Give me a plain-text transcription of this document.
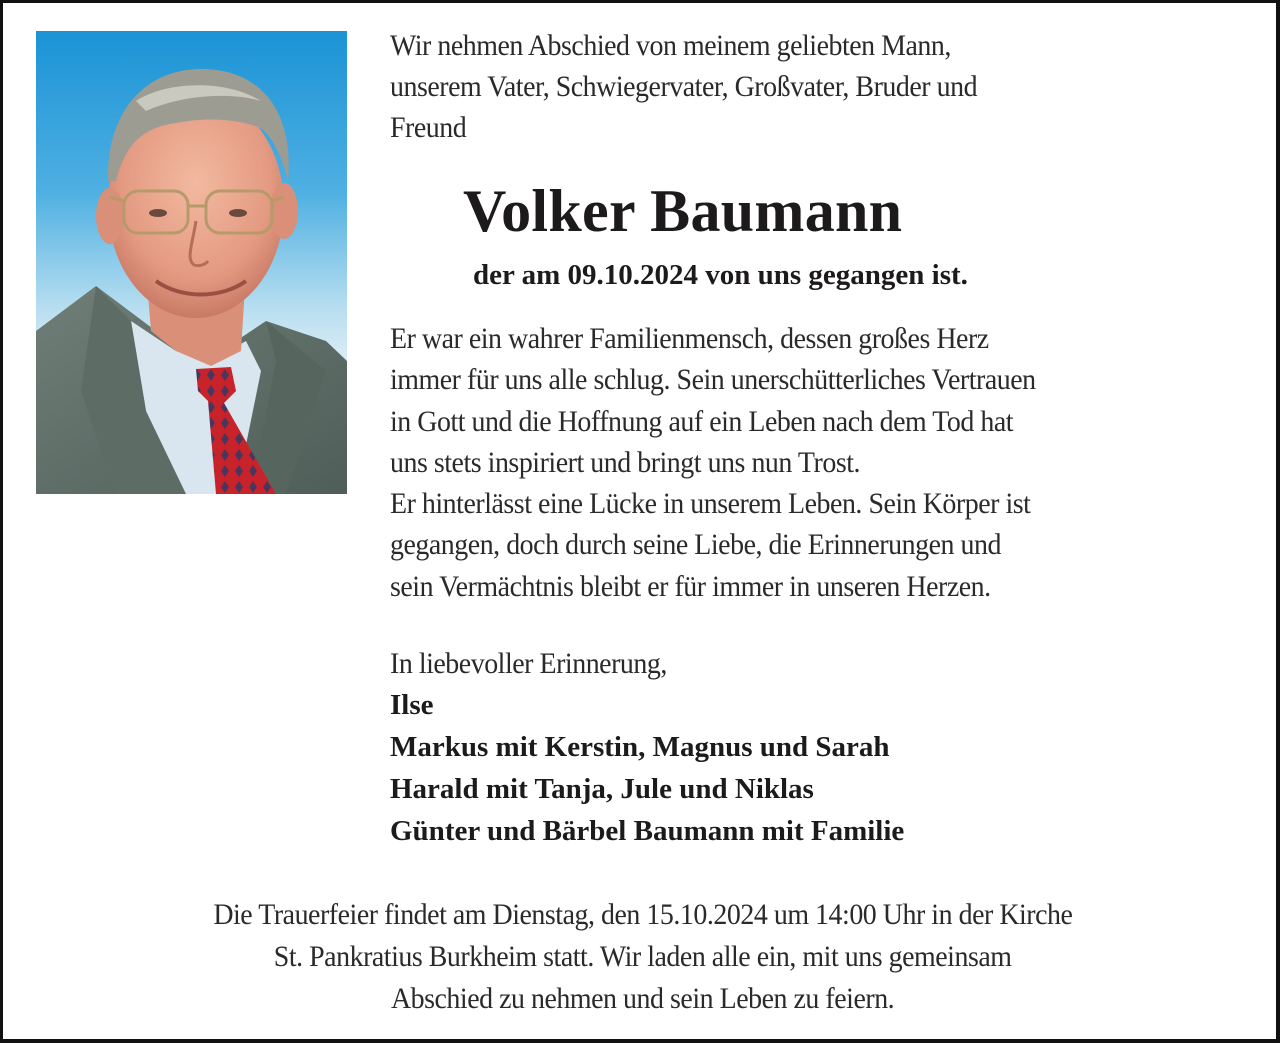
Wir nehmen Abschied von meinem geliebten Mann,
unserem Vater, Schwiegervater, Großvater, Bruder und
Freund
Volker Baumann
der am 09.10.2024 von uns gegangen ist.
Er war ein wahrer Familienmensch, dessen großes Herz
immer für uns alle schlug. Sein unerschütterliches Vertrauen
in Gott und die Hoffnung auf ein Leben nach dem Tod hat
uns stets inspiriert und bringt uns nun Trost.
Er hinterlässt eine Lücke in unserem Leben. Sein Körper ist
gegangen, doch durch seine Liebe, die Erinnerungen und
sein Vermächtnis bleibt er für immer in unseren Herzen.
In liebevoller Erinnerung,
Ilse
Markus mit Kerstin, Magnus und Sarah
Harald mit Tanja, Jule und Niklas
Günter und Bärbel Baumann mit Familie
Die Trauerfeier findet am Dienstag, den 15.10.2024 um 14:00 Uhr in der Kirche
St. Pankratius Burkheim statt. Wir laden alle ein, mit uns gemeinsam
Abschied zu nehmen und sein Leben zu feiern.
